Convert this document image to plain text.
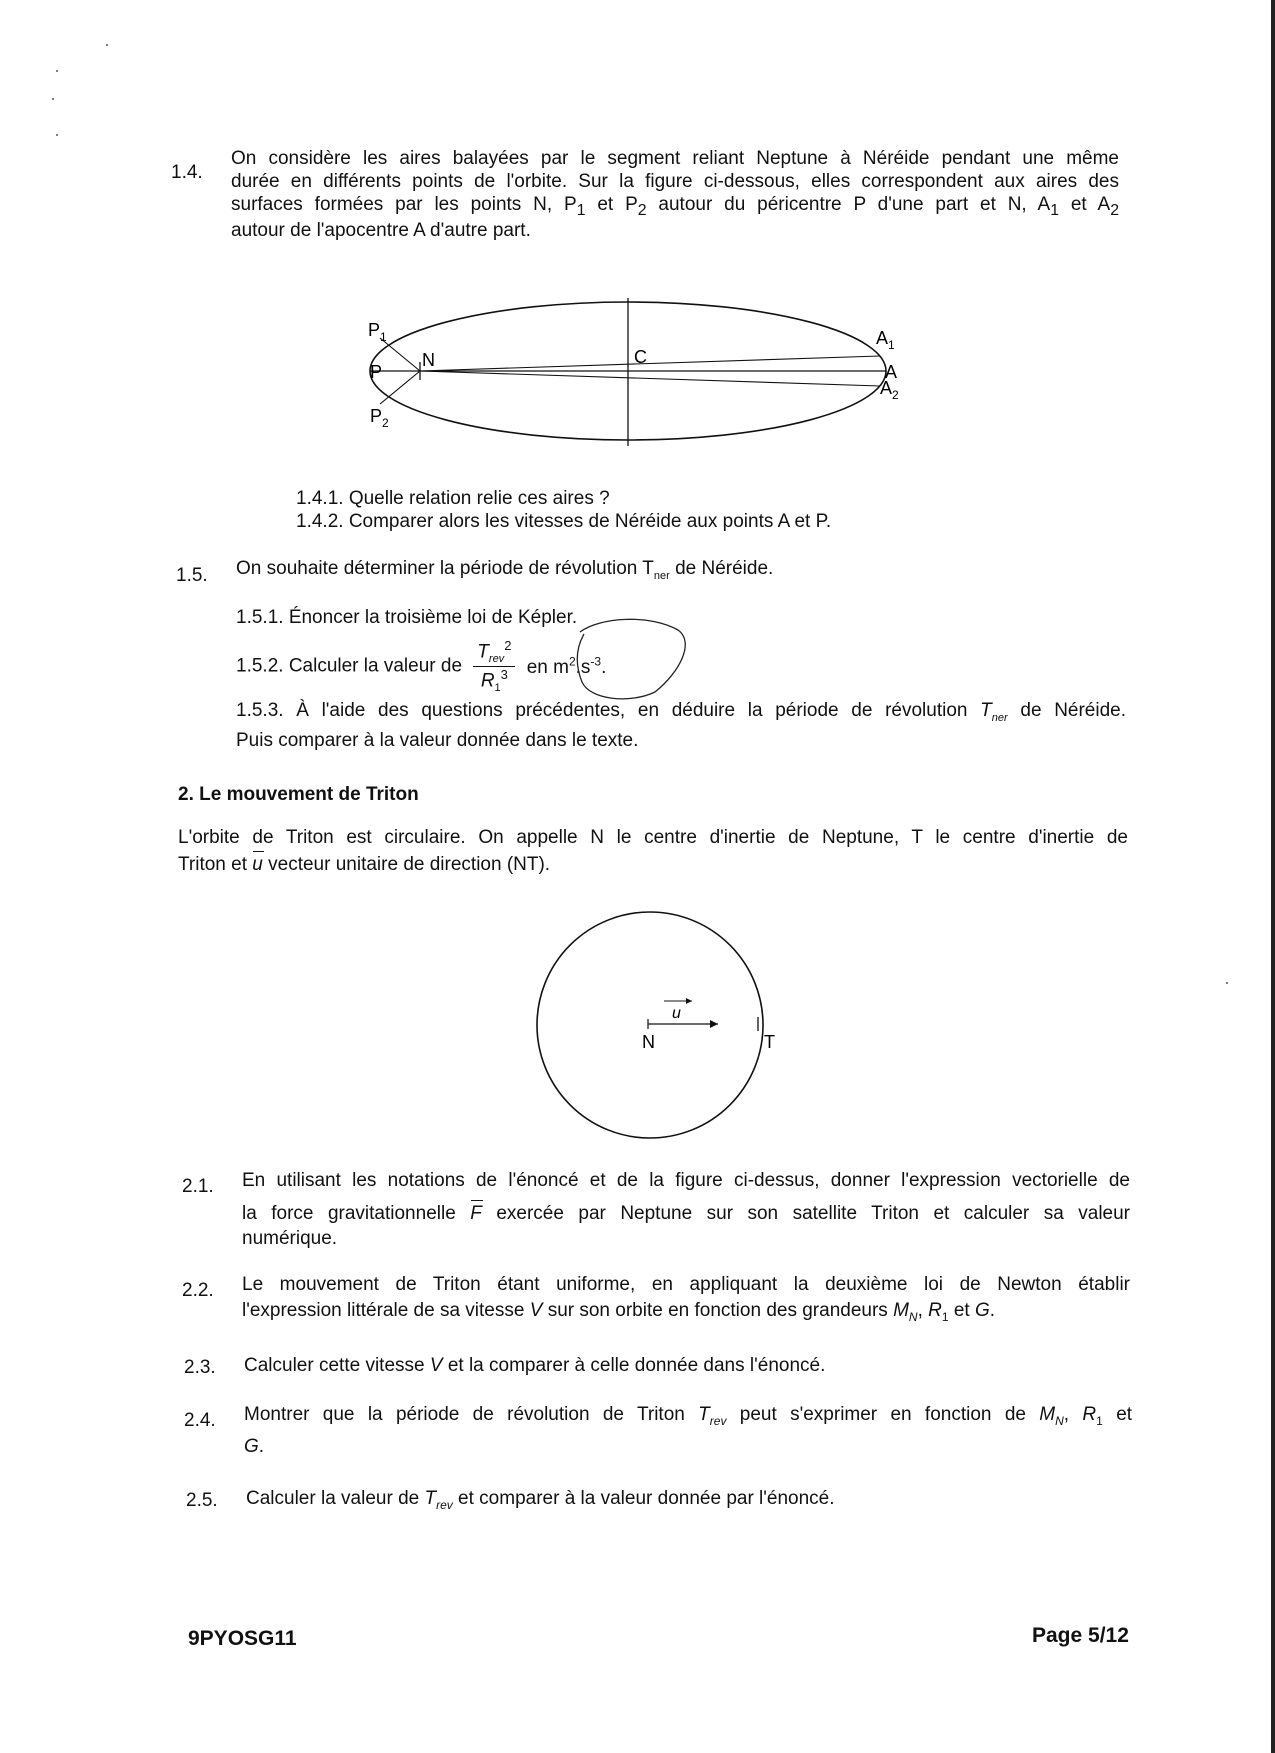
1.4.
On considère les aires balayées par le segment reliant Neptune à Néréide pendant une même
durée en différents points de l'orbite. Sur la figure ci-dessous, elles correspondent aux aires des
surfaces formées par les points N, $P_1$ et $P_2$ autour du péricentre P d'une part et N, $A_1$ et $A_2$
autour de l'apocentre A d'autre part.
P
$P_1$
$P_2$
N	C
$A_1$
A
$A_2$
1.4.1. Quelle relation relie ces aires ?
1.4.2. Comparer alors les vitesses de Néréide aux points A et P.
1.5. On souhaite déterminer la période de révolution $T_{ner}$ de Néréide.
1.5.1. Énoncer la troisième loi de Képler.
1.5.2. Calculer la valeur de $\frac{T_{rev}^2}{R_1^3}$ en $m^2.s^{-3}$.
1.5.3. À l'aide des questions précédentes, en déduire la période de révolution $T_{ner}$ de Néréide.
Puis comparer à la valeur donnée dans le texte.
2. Le mouvement de Triton
L'orbite de Triton est circulaire. On appelle N le centre d'inertie de Neptune, T le centre d'inertie de
Triton et u vecteur unitaire de direction (NT).
u
N	T
2.1. En utilisant les notations de l'énoncé et de la figure ci-dessus, donner l'expression vectorielle de
la force gravitationnelle F exercée par Neptune sur son satellite Triton et calculer sa valeur
numérique.
2.2. Le mouvement de Triton étant uniforme, en appliquant la deuxième loi de Newton établir
l'expression littérale de sa vitesse V sur son orbite en fonction des grandeurs $M_N$, $R_1$ et G.
2.3. Calculer cette vitesse V et la comparer à celle donnée dans l'énoncé.
2.4. Montrer que la période de révolution de Triton $T_{rev}$ peut s'exprimer en fonction de $M_N$, $R_1$ et
G.
2.5. Calculer la valeur de $T_{rev}$ et comparer à la valeur donnée par l'énoncé.
9PYOSG11	Page 5/12
